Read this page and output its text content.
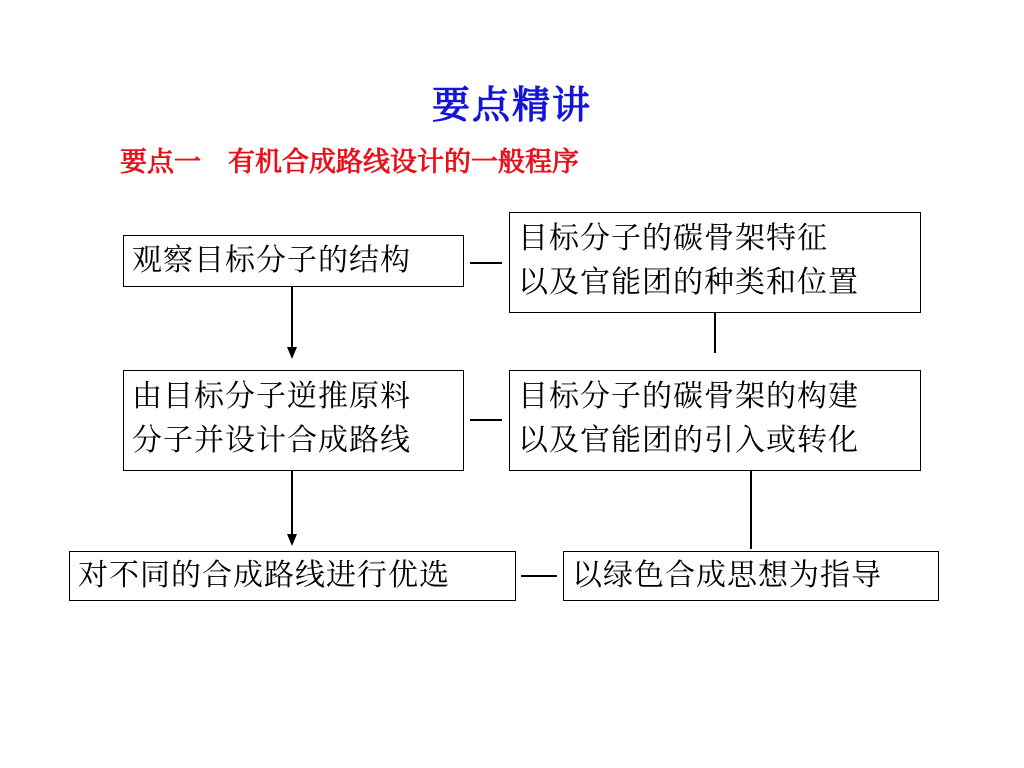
要点精讲
要点一　有机合成路线设计的一般程序
观察目标分子的结构
目标分子的碳骨架特征
以及官能团的种类和位置
由目标分子逆推原料
分子并设计合成路线
目标分子的碳骨架的构建
以及官能团的引入或转化
对不同的合成路线进行优选	以绿色合成思想为指导
